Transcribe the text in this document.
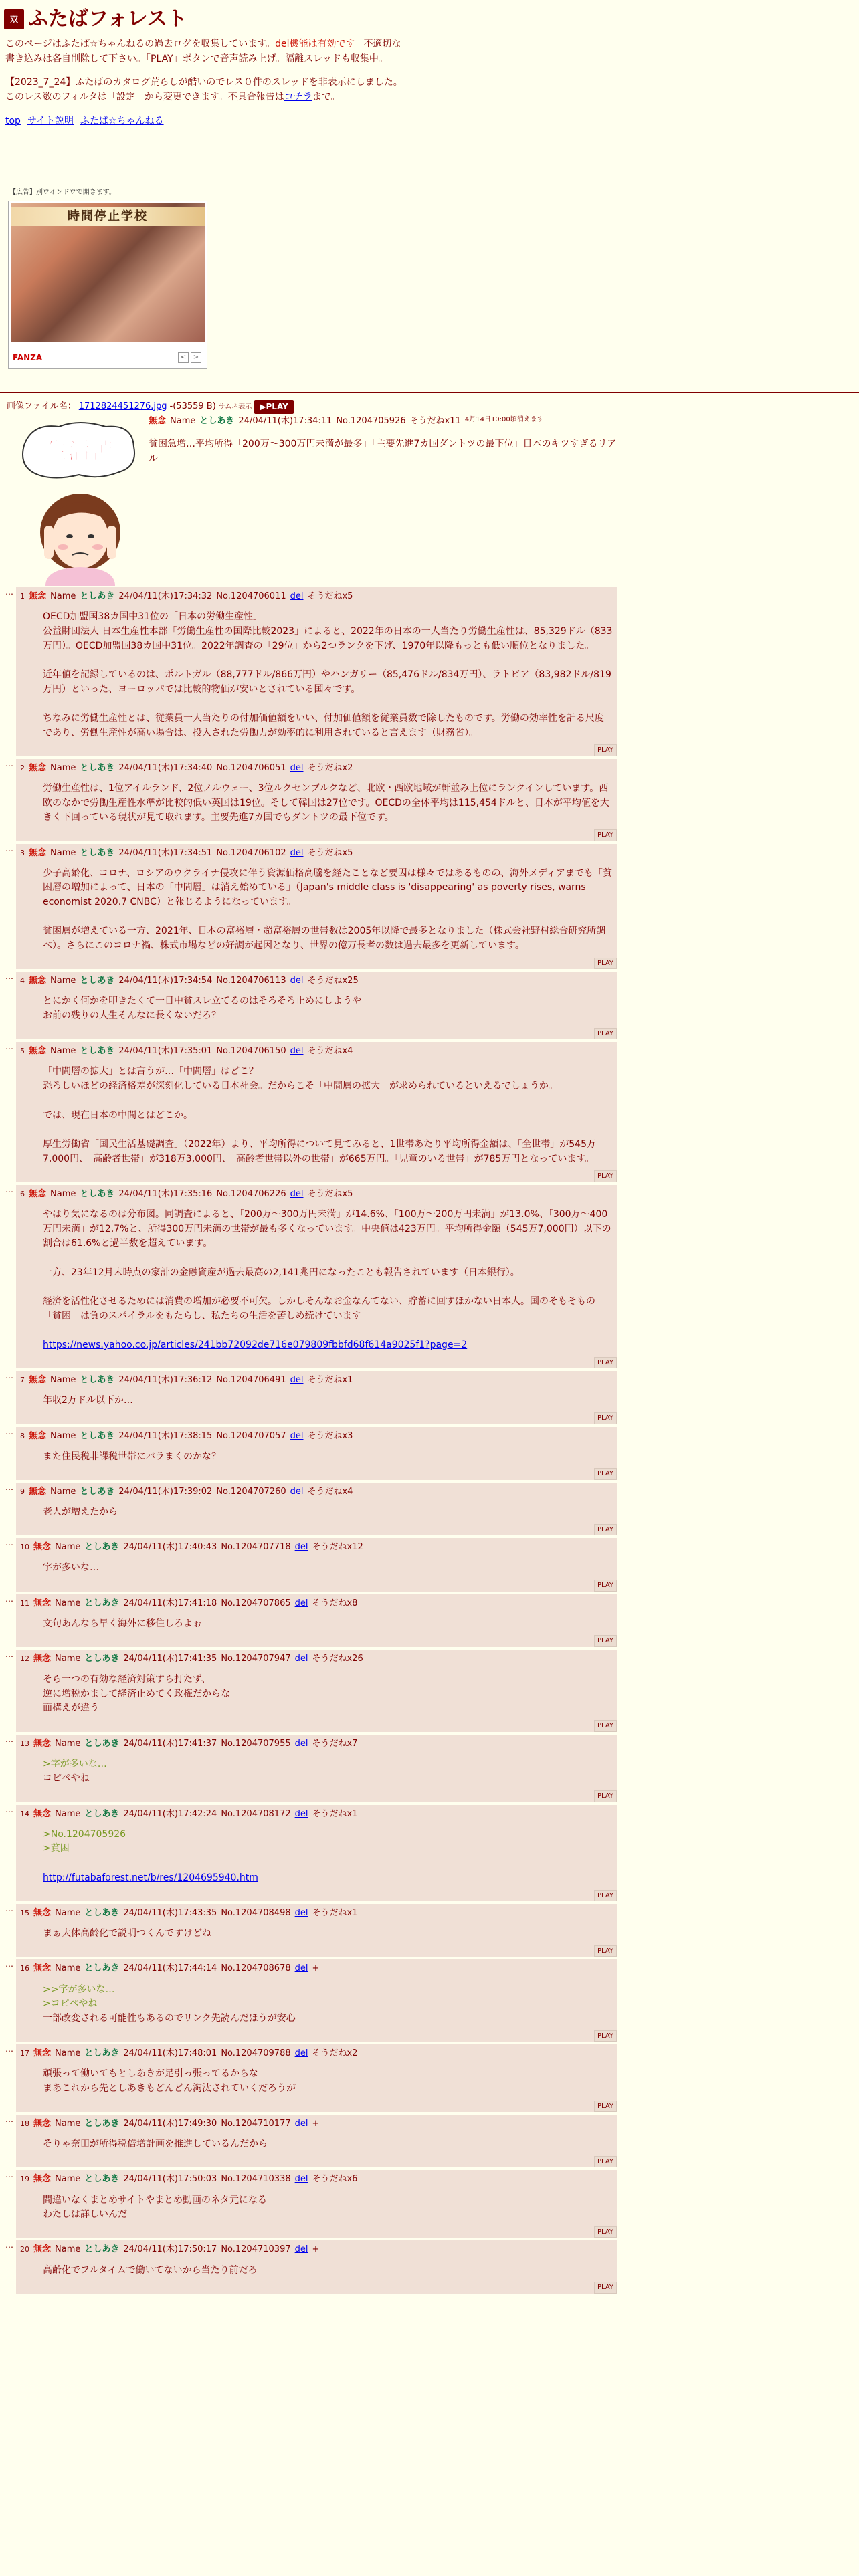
双 ふたばフォレスト

このページはふたば☆ちゃんねるの過去ログを収集しています。del機能は有効です。不適切な書き込みは各自削除して下さい。「PLAY」ボタンで音声読み上げ。隔離スレッドも収集中。

【2023_7_24】ふたばのカタログ荒らしが酷いのでレス０件のスレッドを非表示にしました。このレス数のフィルタは「設定」から変更できます。不具合報告はコチラまで。

top サイト説明 ふたば☆ちゃんねる
【広告】別ウインドウで開きます。
時間停止学校
FANZA	<	>
画像ファイル名： 1712824451276.jpg -(53559 B) サムネ表示	▶PLAY
生活苦
無念 Name としあき 24/04/11(木)17:34:11 No.1204705926 そうだねx11 4月14日10:00頃消えます
貧困急増…平均所得「200万～300万円未満が最多」「主要先進7カ国ダントツの最下位」日本のキツすぎるリアル
…	1 無念 Name としあき 24/04/11(木)17:34:32 No.1204706011 del そうだねx5
OECD加盟国38カ国中31位の「日本の労働生産性」
公益財団法人 日本生産性本部「労働生産性の国際比較2023」によると、2022年の日本の一人当たり労働生産性は、85,329ドル（833万円）。OECD加盟国38カ国中31位。2022年調査の「29位」から2つランクを下げ、1970年以降もっとも低い順位となりました。

近年値を記録しているのは、ポルトガル（88,777ドル/866万円）やハンガリー（85,476ドル/834万円）、ラトビア（83,982ドル/819万円）といった、ヨーロッパでは比較的物価が安いとされている国々です。

ちなみに労働生産性とは、従業員一人当たりの付加価値額をいい、付加価値額を従業員数で除したものです。労働の効率性を計る尺度であり、労働生産性が高い場合は、投入された労働力が効率的に利用されていると言えます（財務省）。
PLAY
…	2 無念 Name としあき 24/04/11(木)17:34:40 No.1204706051 del そうだねx2
労働生産性は、1位アイルランド、2位ノルウェー、3位ルクセンブルクなど、北欧・西欧地域が軒並み上位にランクインしています。西欧のなかで労働生産性水準が比較的低い英国は19位。そして韓国は27位です。OECDの全体平均は115,454ドルと、日本が平均値を大きく下回っている現状が見て取れます。主要先進7カ国でもダントツの最下位です。
PLAY
…	3 無念 Name としあき 24/04/11(木)17:34:51 No.1204706102 del そうだねx5
少子高齢化、コロナ、ロシアのウクライナ侵攻に伴う資源価格高騰を経たことなど要因は様々ではあるものの、海外メディアまでも「貧困層の増加によって、日本の「中間層」は消え始めている」（Japan's middle class is 'disappearing' as poverty rises, warns economist 2020.7 CNBC）と報じるようになっています。

貧困層が増えている一方、2021年、日本の富裕層・超富裕層の世帯数は2005年以降で最多となりました（株式会社野村総合研究所調べ）。さらにこのコロナ禍、株式市場などの好調が起因となり、世界の億万長者の数は過去最多を更新しています。
PLAY
…	4 無念 Name としあき 24/04/11(木)17:34:54 No.1204706113 del そうだねx25
とにかく何かを叩きたくて一日中貧スレ立てるのはそろそろ止めにしようや
お前の残りの人生そんなに長くないだろ？
PLAY
…	5 無念 Name としあき 24/04/11(木)17:35:01 No.1204706150 del そうだねx4
「中間層の拡大」とは言うが…「中間層」はどこ？
恐ろしいほどの経済格差が深刻化している日本社会。だからこそ「中間層の拡大」が求められているといえるでしょうか。

では、現在日本の中間とはどこか。

厚生労働省「国民生活基礎調査」（2022年）より、平均所得について見てみると、1世帯あたり平均所得金額は、「全世帯」が545万7,000円、「高齢者世帯」が318万3,000円、「高齢者世帯以外の世帯」が665万円。「児童のいる世帯」が785万円となっています。
PLAY
…	6 無念 Name としあき 24/04/11(木)17:35:16 No.1204706226 del そうだねx5
やはり気になるのは分布図。同調査によると、「200万～300万円未満」が14.6%、「100万～200万円未満」が13.0%、「300万～400万円未満」が12.7%と、所得300万円未満の世帯が最も多くなっています。中央値は423万円。平均所得金額（545万7,000円）以下の割合は61.6%と過半数を超えています。

一方、23年12月末時点の家計の金融資産が過去最高の2,141兆円になったことも報告されています（日本銀行）。

経済を活性化させるためには消費の増加が必要不可欠。しかしそんなお金なんてない、貯蓄に回すほかない日本人。国のそもそもの「貧困」は負のスパイラルをもたらし、私たちの生活を苦しめ続けています。

https://news.yahoo.co.jp/articles/241bb72092de716e079809fbbfd68f614a9025f1?page=2
PLAY
…	7 無念 Name としあき 24/04/11(木)17:36:12 No.1204706491 del そうだねx1
年収2万ドル以下か…
PLAY
…	8 無念 Name としあき 24/04/11(木)17:38:15 No.1204707057 del そうだねx3
また住民税非課税世帯にバラまくのかな？
PLAY
…	9 無念 Name としあき 24/04/11(木)17:39:02 No.1204707260 del そうだねx4
老人が増えたから
PLAY
…	10 無念 Name としあき 24/04/11(木)17:40:43 No.1204707718 del そうだねx12
字が多いな…
PLAY
…	11 無念 Name としあき 24/04/11(木)17:41:18 No.1204707865 del そうだねx8
文句あんなら早く海外に移住しろよぉ
PLAY
…	12 無念 Name としあき 24/04/11(木)17:41:35 No.1204707947 del そうだねx26
そら一つの有効な経済対策すら打たず、
逆に増税かまして経済止めてく政権だからな
面構えが違う
PLAY
…	13 無念 Name としあき 24/04/11(木)17:41:37 No.1204707955 del そうだねx7
>字が多いな…
コピペやね
PLAY
…	14 無念 Name としあき 24/04/11(木)17:42:24 No.1204708172 del そうだねx1
>No.1204705926
>貧困

http://futabaforest.net/b/res/1204695940.htm
PLAY
…	15 無念 Name としあき 24/04/11(木)17:43:35 No.1204708498 del そうだねx1
まぁ大体高齢化で説明つくんですけどね
PLAY
…	16 無念 Name としあき 24/04/11(木)17:44:14 No.1204708678 del +
>>字が多いな…
>コピペやね
一部改変される可能性もあるのでリンク先読んだほうが安心
PLAY
…	17 無念 Name としあき 24/04/11(木)17:48:01 No.1204709788 del そうだねx2
頑張って働いてもとしあきが足引っ張ってるからな
まあこれから先としあきもどんどん淘汰されていくだろうが
PLAY
…	18 無念 Name としあき 24/04/11(木)17:49:30 No.1204710177 del +
そりゃ奈田が所得税倍増計画を推進しているんだから
PLAY
…	19 無念 Name としあき 24/04/11(木)17:50:03 No.1204710338 del そうだねx6
間違いなくまとめサイトやまとめ動画のネタ元になる
わたしは詳しいんだ
PLAY
…	20 無念 Name としあき 24/04/11(木)17:50:17 No.1204710397 del +
高齢化でフルタイムで働いてないから当たり前だろ
PLAY
